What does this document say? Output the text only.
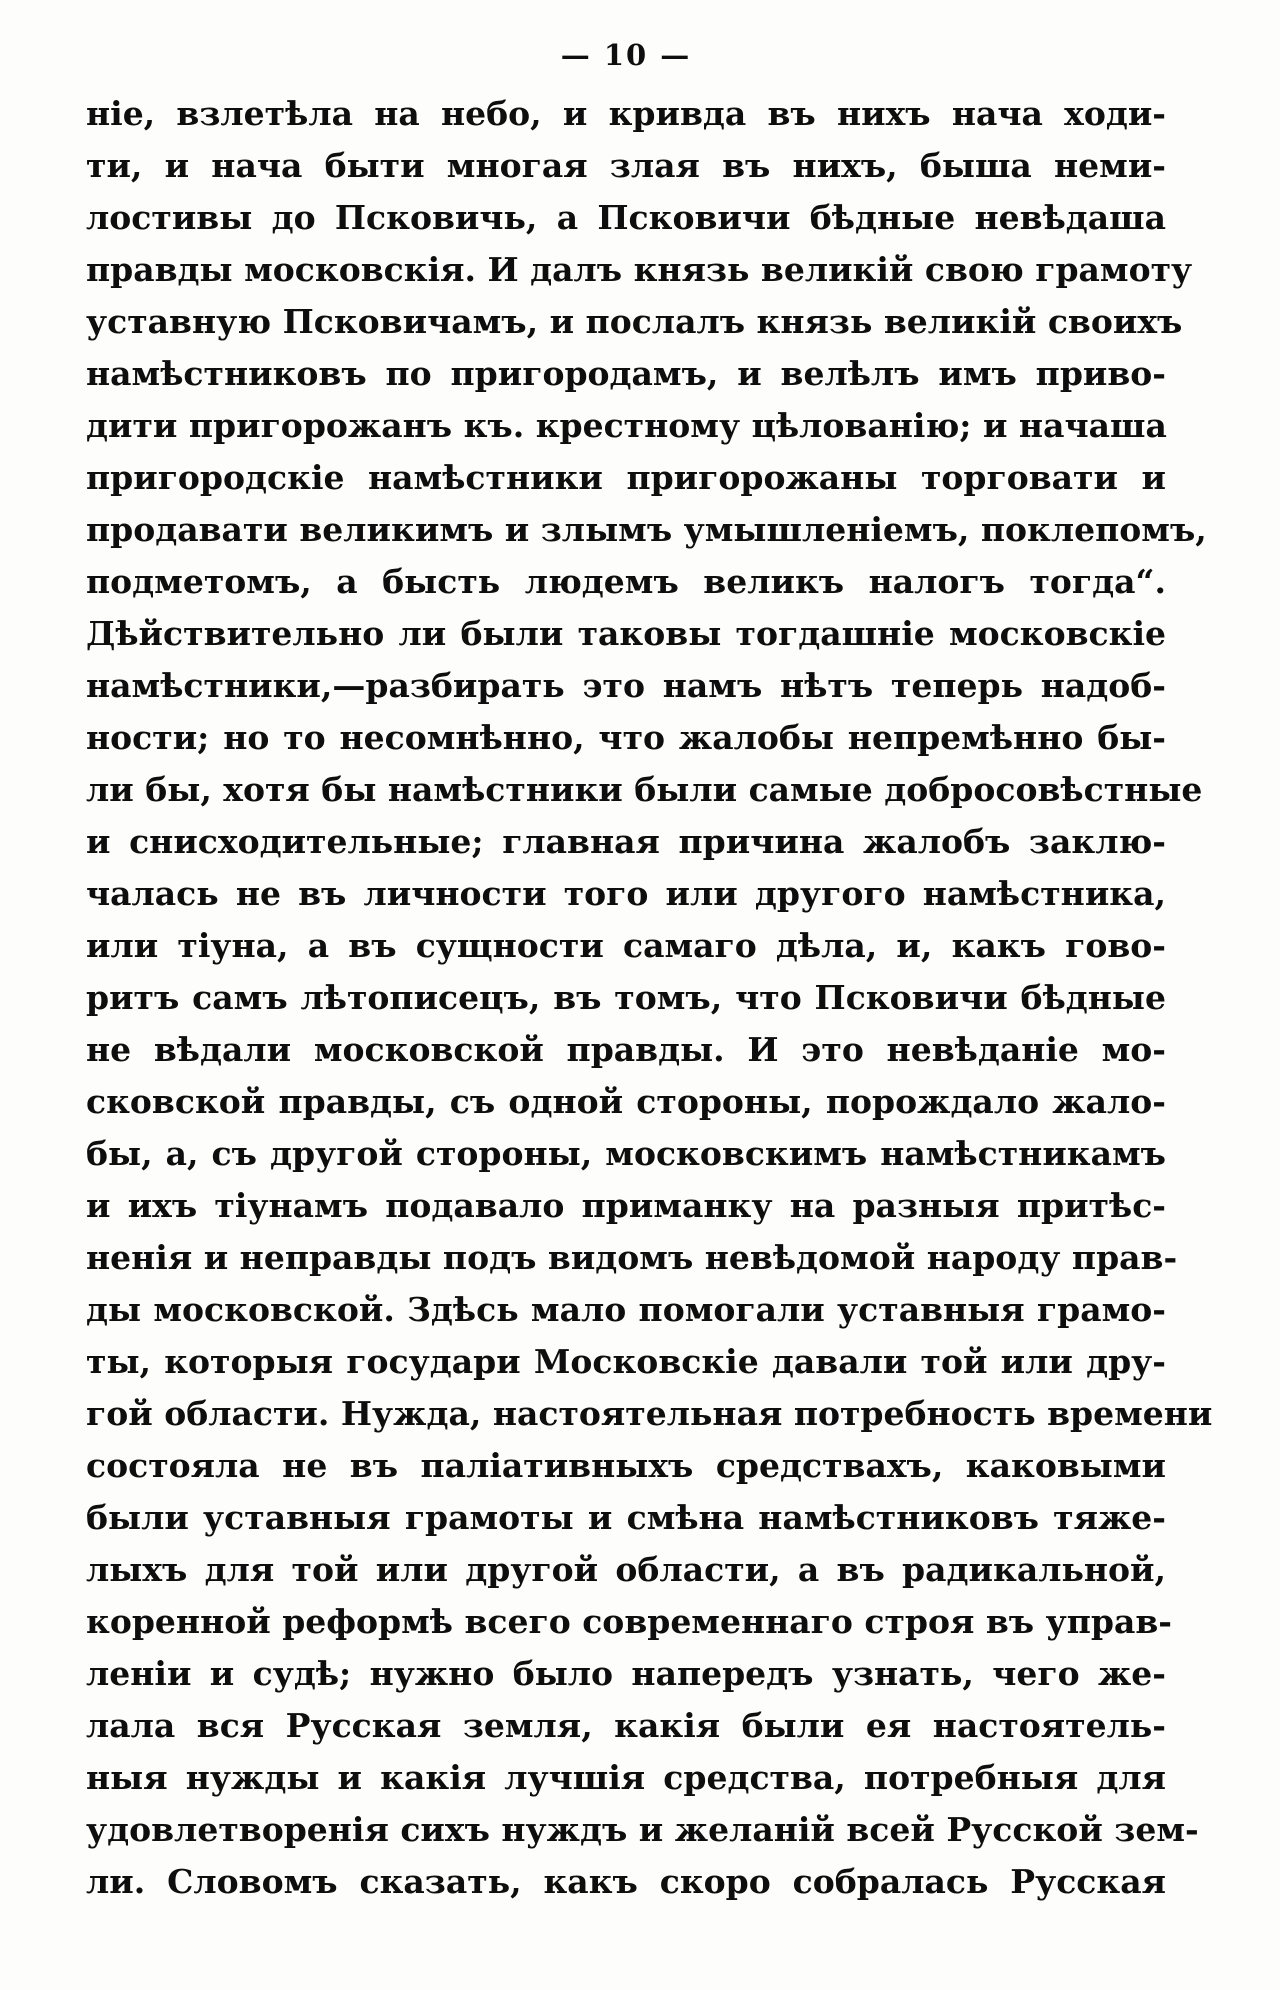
— 10 —

ніе, взлетѣла на небо, и кривда въ нихъ нача ходи-

ти, и нача быти многая злая въ нихъ, быша неми-

лостивы до Псковичь, а Псковичи бѣдные невѣдаша

правды московскія. И далъ князь великій свою грамоту

уставную Псковичамъ, и послалъ князь великій своихъ

намѣстниковъ по пригородамъ, и велѣлъ имъ приво-

дити пригорожанъ къ. крестному цѣлованію; и начаша

пригородскіе намѣстники пригорожаны торговати и

продавати великимъ и злымъ умышленіемъ, поклепомъ,

подметомъ, а бысть людемъ великъ налогъ тогда“.

Дѣйствительно ли были таковы тогдашніе московскіе

намѣстники,—разбирать это намъ нѣтъ теперь надоб-

ности; но то несомнѣнно, что жалобы непремѣнно бы-

ли бы, хотя бы намѣстники были самые добросовѣстные

и снисходительные; главная причина жалобъ заклю-

чалась не въ личности того или другого намѣстника,

или тіуна, а въ сущности самаго дѣла, и, какъ гово-

ритъ самъ лѣтописецъ, въ томъ, что Псковичи бѣдные

не вѣдали московской правды. И это невѣданіе мо-

сковской правды, съ одной стороны, порождало жало-

бы, а, съ другой стороны, московскимъ намѣстникамъ

и ихъ тіунамъ подавало приманку на разныя притѣс-

ненія и неправды подъ видомъ невѣдомой народу прав-

ды московской. Здѣсь мало помогали уставныя грамо-

ты, которыя государи Московскіе давали той или дру-

гой области. Нужда, настоятельная потребность времени

состояла не въ паліативныхъ средствахъ, каковыми

были уставныя грамоты и смѣна намѣстниковъ тяже-

лыхъ для той или другой области, а въ радикальной,

коренной реформѣ всего современнаго строя въ управ-

леніи и судѣ; нужно было напередъ узнать, чего же-

лала вся Русская земля, какія были ея настоятель-

ныя нужды и какія лучшія средства, потребныя для

удовлетворенія сихъ нуждъ и желаній всей Русской зем-

ли. Словомъ сказать, какъ скоро собралась Русская
